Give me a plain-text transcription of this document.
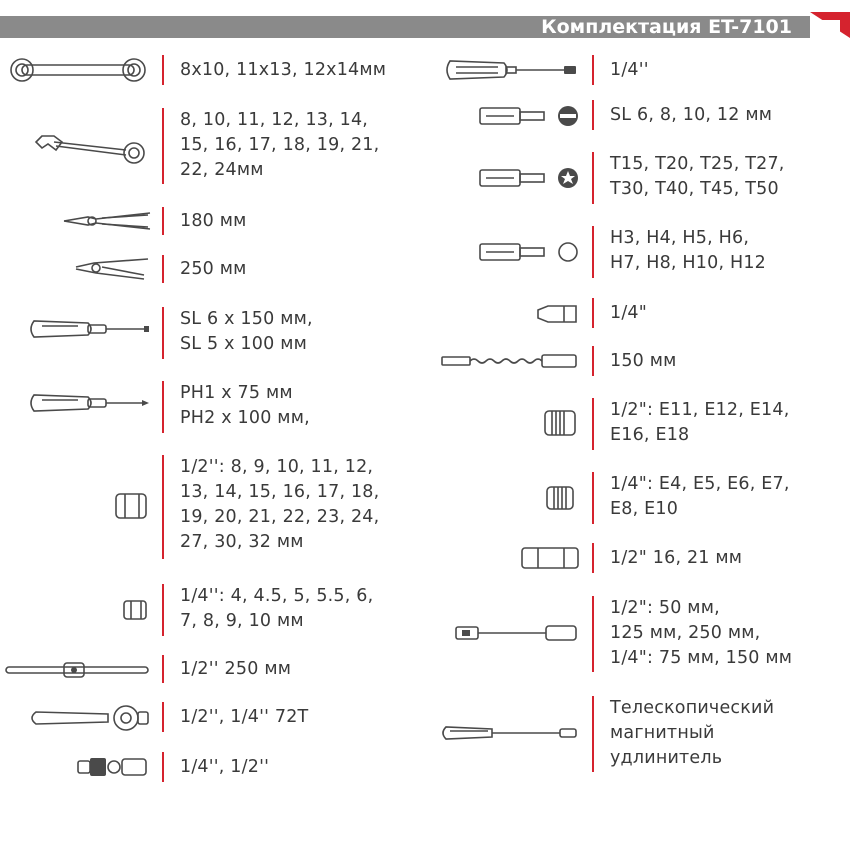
Комплектация ET-7101
8x10, 11x13, 12x14мм
8, 10, 11, 12, 13, 14,
15, 16, 17, 18, 19, 21,
22, 24мм
180 мм
250 мм
SL 6 x 150 мм,
SL 5 x 100 мм
PH1 x 75 мм
PH2 x 100 мм,
1/2'': 8, 9, 10, 11, 12,
13, 14, 15, 16, 17, 18,
19, 20, 21, 22, 23, 24,
27, 30, 32 мм
1/4'': 4, 4.5, 5, 5.5, 6,
7, 8, 9, 10 мм
1/2'' 250 мм
1/2'', 1/4'' 72T
1/4'', 1/2''
1/4''
SL 6, 8, 10, 12 мм
T15, T20, T25, T27,
T30, T40, T45, T50
H3, H4, H5, H6,
H7, H8, H10, H12
1/4"
150 мм
1/2": E11, E12, E14,
E16, E18
1/4": E4, E5, E6, E7,
E8, E10
1/2" 16, 21 мм
1/2": 50 мм,
125 мм, 250 мм,
1/4": 75 мм, 150 мм
Телескопический
магнитный
удлинитель
